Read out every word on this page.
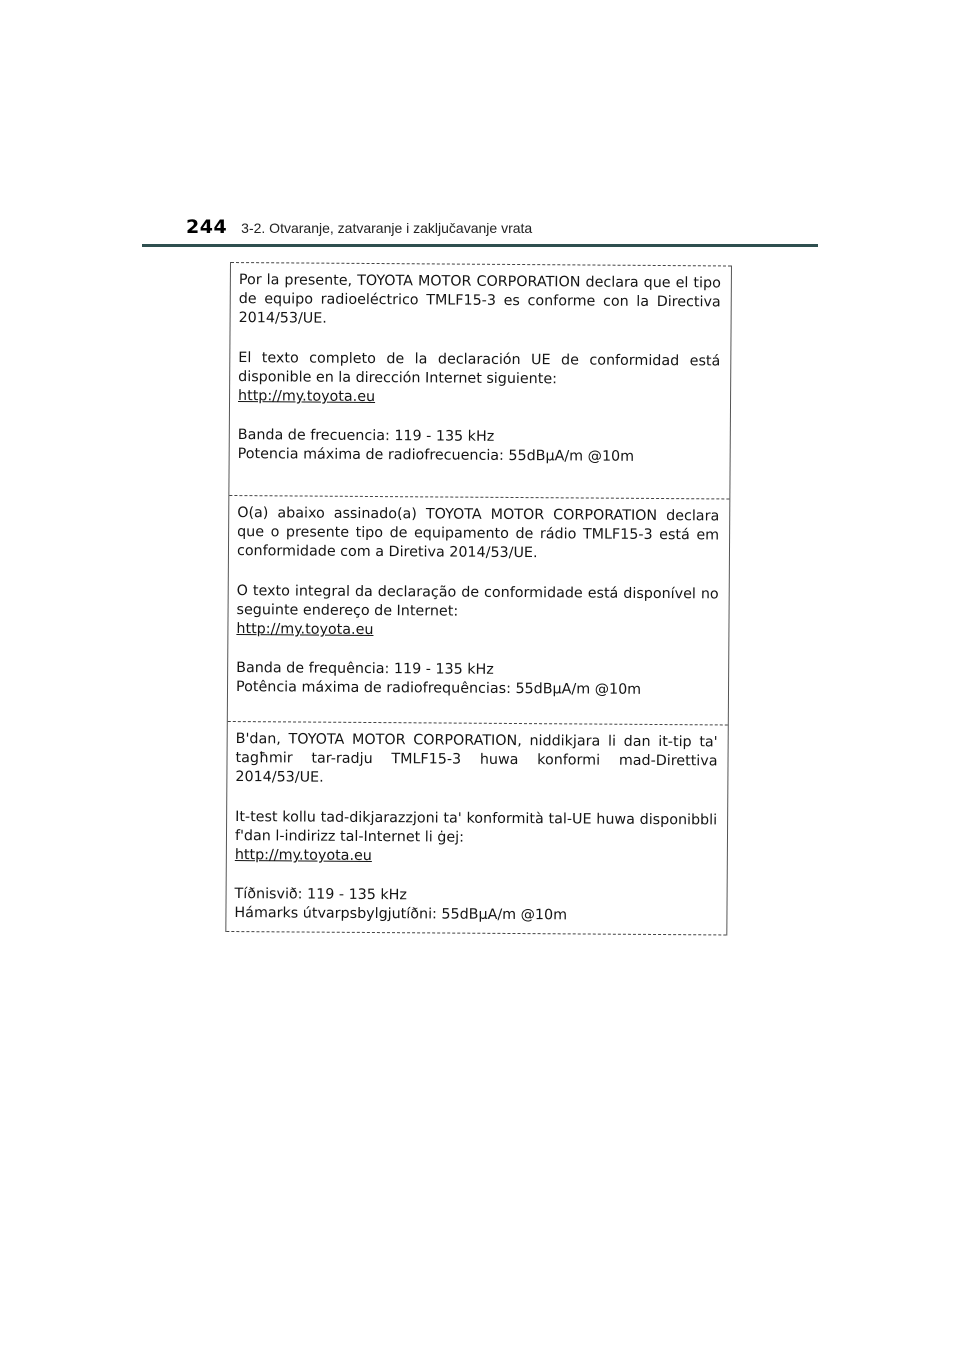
244 3-2. Otvaranje, zatvaranje i zaključavanje vrata

Por la presente, TOYOTA MOTOR CORPORATION declara que el tipo de equipo radioeléctrico TMLF15-3 es conforme con la Directiva 2014/53/UE.

El texto completo de la declaración UE de conformidad está disponible en la dirección Internet siguiente:
http://my.toyota.eu

Banda de frecuencia: 119 - 135 kHz
Potencia máxima de radiofrecuencia: 55dBμA/m @10m

O(a) abaixo assinado(a) TOYOTA MOTOR CORPORATION declara que o presente tipo de equipamento de rádio TMLF15-3 está em conformidade com a Diretiva 2014/53/UE.

O texto integral da declaração de conformidade está disponível no seguinte endereço de Internet:
http://my.toyota.eu

Banda de frequência: 119 - 135 kHz
Potência máxima de radiofrequências: 55dBμA/m @10m

B'dan, TOYOTA MOTOR CORPORATION, niddikjara li dan it-tip ta' tagħmir tar-radju TMLF15-3 huwa konformi mad-Direttiva 2014/53/UE.

It-test kollu tad-dikjarazzjoni ta' konformità tal-UE huwa disponibbli f'dan l-indirizz tal-Internet li ġej:
http://my.toyota.eu

Tíðnisvið: 119 - 135 kHz
Hámarks útvarpsbylgjutíðni: 55dBμA/m @10m
